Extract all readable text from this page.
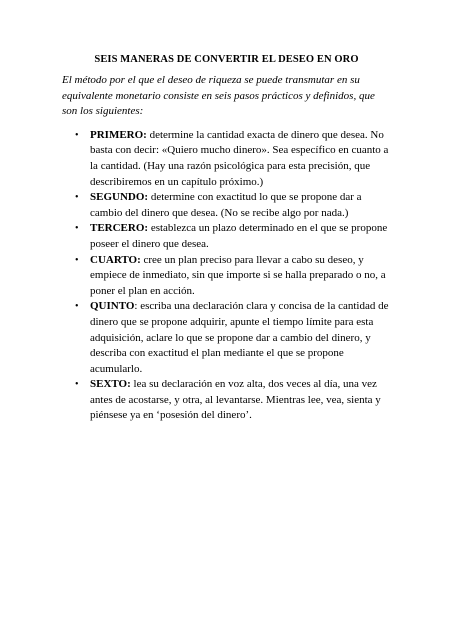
SEIS MANERAS DE CONVERTIR EL DESEO EN ORO

El método por el que el deseo de riqueza se puede transmutar en su equivalente monetario consiste en seis pasos prácticos y definidos, que son los siguientes:

• PRIMERO: determine la cantidad exacta de dinero que desea. No basta con decir: «Quiero mucho dinero». Sea específico en cuanto a la cantidad. (Hay una razón psicológica para esta precisión, que describiremos en un capítulo próximo.)
• SEGUNDO: determine con exactitud lo que se propone dar a cambio del dinero que desea. (No se recibe algo por nada.)
• TERCERO: establezca un plazo determinado en el que se propone poseer el dinero que desea.
• CUARTO: cree un plan preciso para llevar a cabo su deseo, y empiece de inmediato, sin que importe si se halla preparado o no, a poner el plan en acción.
• QUINTO: escriba una declaración clara y concisa de la cantidad de dinero que se propone adquirir, apunte el tiempo límite para esta adquisición, aclare lo que se propone dar a cambio del dinero, y describa con exactitud el plan mediante el que se propone acumularlo.
• SEXTO: lea su declaración en voz alta, dos veces al día, una vez antes de acostarse, y otra, al levantarse. Mientras lee, vea, sienta y piénsese ya en ‘posesión del dinero’.
